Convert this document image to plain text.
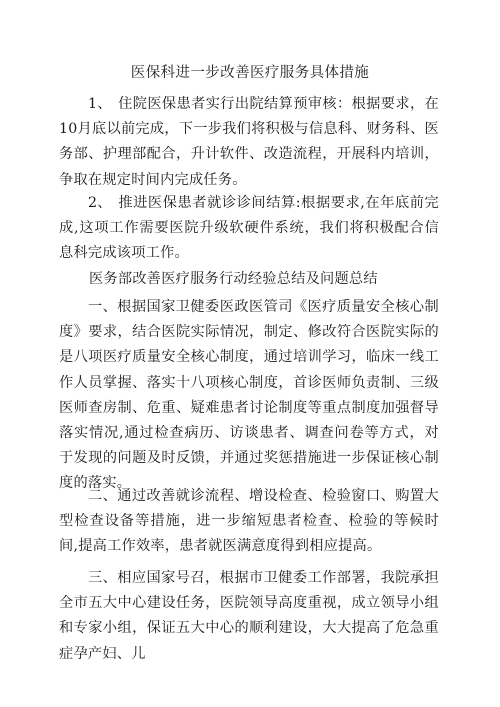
医保科进一步改善医疗服务具体措施
1、 住院医保患者实行出院结算预审核：根据要求，在10月底以前完成，下一步我们将积极与信息科、财务科、医务部、护理部配合，升计软件、改造流程，开展科内培训，争取在规定时间内完成任务。
2、 推进医保患者就诊诊间结算:根据要求,在年底前完成,这项工作需要医院升级软硬件系统，我们将积极配合信息科完成该项工作。
医务部改善医疗服务行动经验总结及问题总结
一、根据国家卫健委医政医管司《医疗质量安全核心制度》要求，结合医院实际情况，制定、修改符合医院实际的是八项医疗质量安全核心制度，通过培训学习，临床一线工作人员掌握、落实十八项核心制度，首诊医师负责制、三级医师查房制、危重、疑难患者讨论制度等重点制度加强督导落实情况,通过检查病历、访谈患者、调查问卷等方式，对于发现的问题及时反馈，并通过奖惩措施进一步保证核心制度的落实。
二、通过改善就诊流程、增设检查、检验窗口、购置大型检查设备等措施，进一步缩短患者检查、检验的等候时间,提高工作效率，患者就医满意度得到相应提高。
三、相应国家号召，根据市卫健委工作部署，我院承担全市五大中心建设任务，医院领导高度重视，成立领导小组和专家小组，保证五大中心的顺利建设，大大提高了危急重症孕产妇、儿
